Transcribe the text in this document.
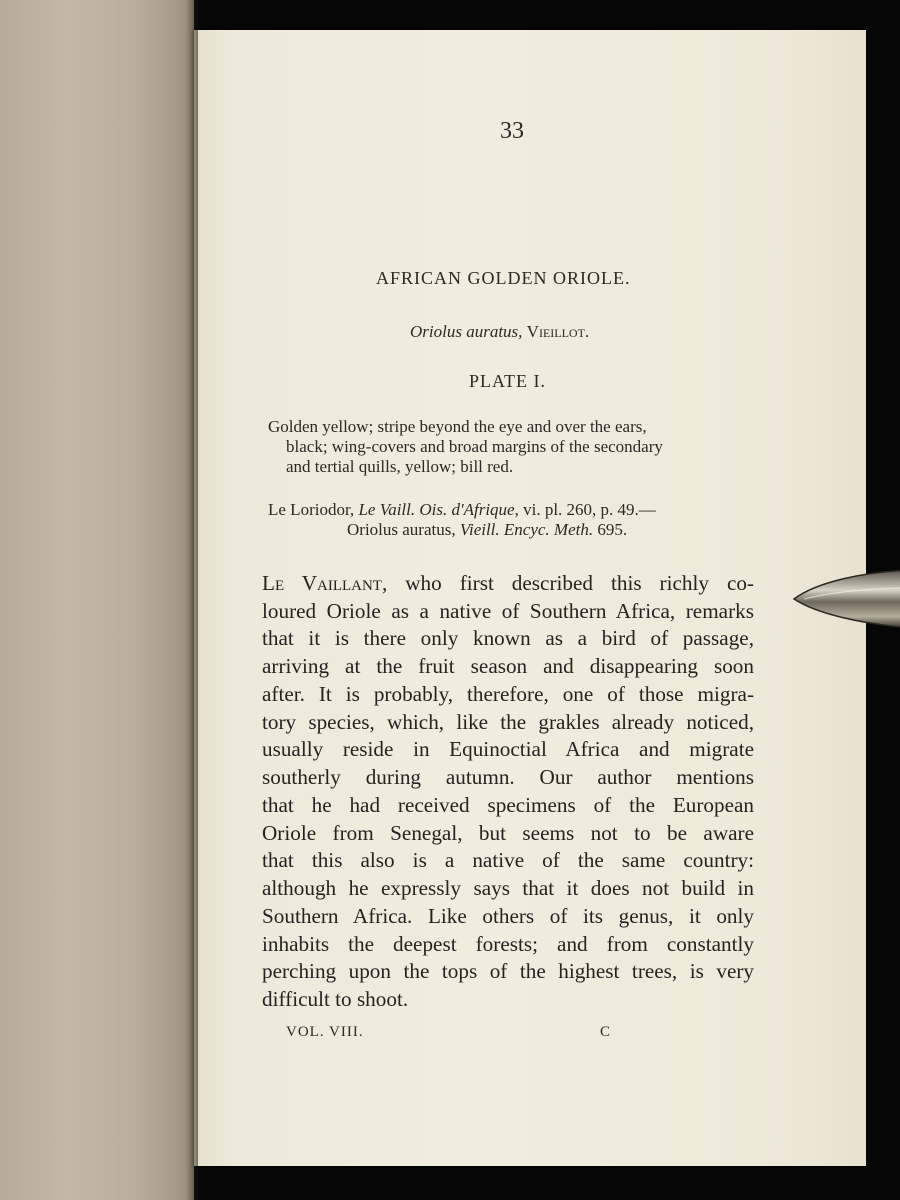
33
AFRICAN GOLDEN ORIOLE.
Oriolus auratus, Vieillot.
PLATE I.
Golden yellow; stripe beyond the eye and over the ears,
black; wing-covers and broad margins of the secondary
and tertial quills, yellow; bill red.
Le Loriodor, Le Vaill. Ois. d'Afrique, vi. pl. 260, p. 49.—
Oriolus auratus, Vieill. Encyc. Meth. 695.
Le Vaillant, who first described this richly co-
loured Oriole as a native of Southern Africa, remarks
that it is there only known as a bird of passage,
arriving at the fruit season and disappearing soon
after. It is probably, therefore, one of those migra-
tory species, which, like the grakles already noticed,
usually reside in Equinoctial Africa and migrate
southerly during autumn. Our author mentions
that he had received specimens of the European
Oriole from Senegal, but seems not to be aware
that this also is a native of the same country:
although he expressly says that it does not build in
Southern Africa. Like others of its genus, it only
inhabits the deepest forests; and from constantly
perching upon the tops of the highest trees, is very
difficult to shoot.
VOL. VIII.	C
